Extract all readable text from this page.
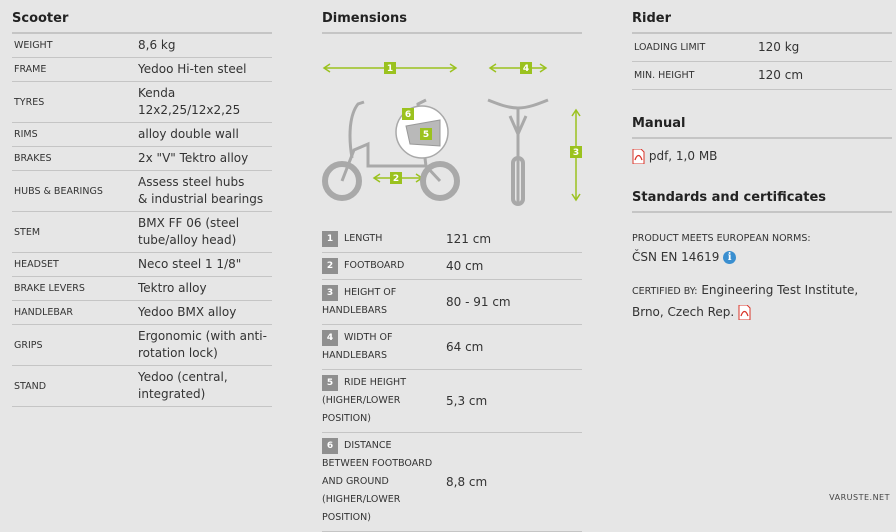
Scooter
WEIGHT	8,6 kg
FRAME	Yedoo Hi-ten steel
TYRES	Kenda
12x2,25/12x2,25
RIMS	alloy double wall
BRAKES	2x "V" Tektro alloy
HUBS & BEARINGS	Assess steel hubs
& industrial bearings
STEM	BMX FF 06 (steel
tube/alloy head)
HEADSET	Neco steel 1 1/8"
BRAKE LEVERS	Tektro alloy
HANDLEBAR	Yedoo BMX alloy
GRIPS	Ergonomic (with anti-
rotation lock)
STAND	Yedoo (central,
integrated)
Dimensions
1	4
3
2
5
6
1 LENGTH	121 cm
2 FOOTBOARD	40 cm
3 HEIGHT OF
HANDLEBARS	80 - 91 cm
4 WIDTH OF
HANDLEBARS	64 cm
5 RIDE HEIGHT
(HIGHER/LOWER
POSITION)	5,3 cm
6 DISTANCE
BETWEEN FOOTBOARD
AND GROUND
(HIGHER/LOWER
POSITION)	8,8 cm
Rider
LOADING LIMIT	120 kg
MIN. HEIGHT	120 cm
Manual
pdf, 1,0 MB
Standards and certificates
PRODUCT MEETS EUROPEAN NORMS:
ČSN EN 14619 i
CERTIFIED BY: Engineering Test Institute, Brno, Czech Rep.
VARUSTE.NET
